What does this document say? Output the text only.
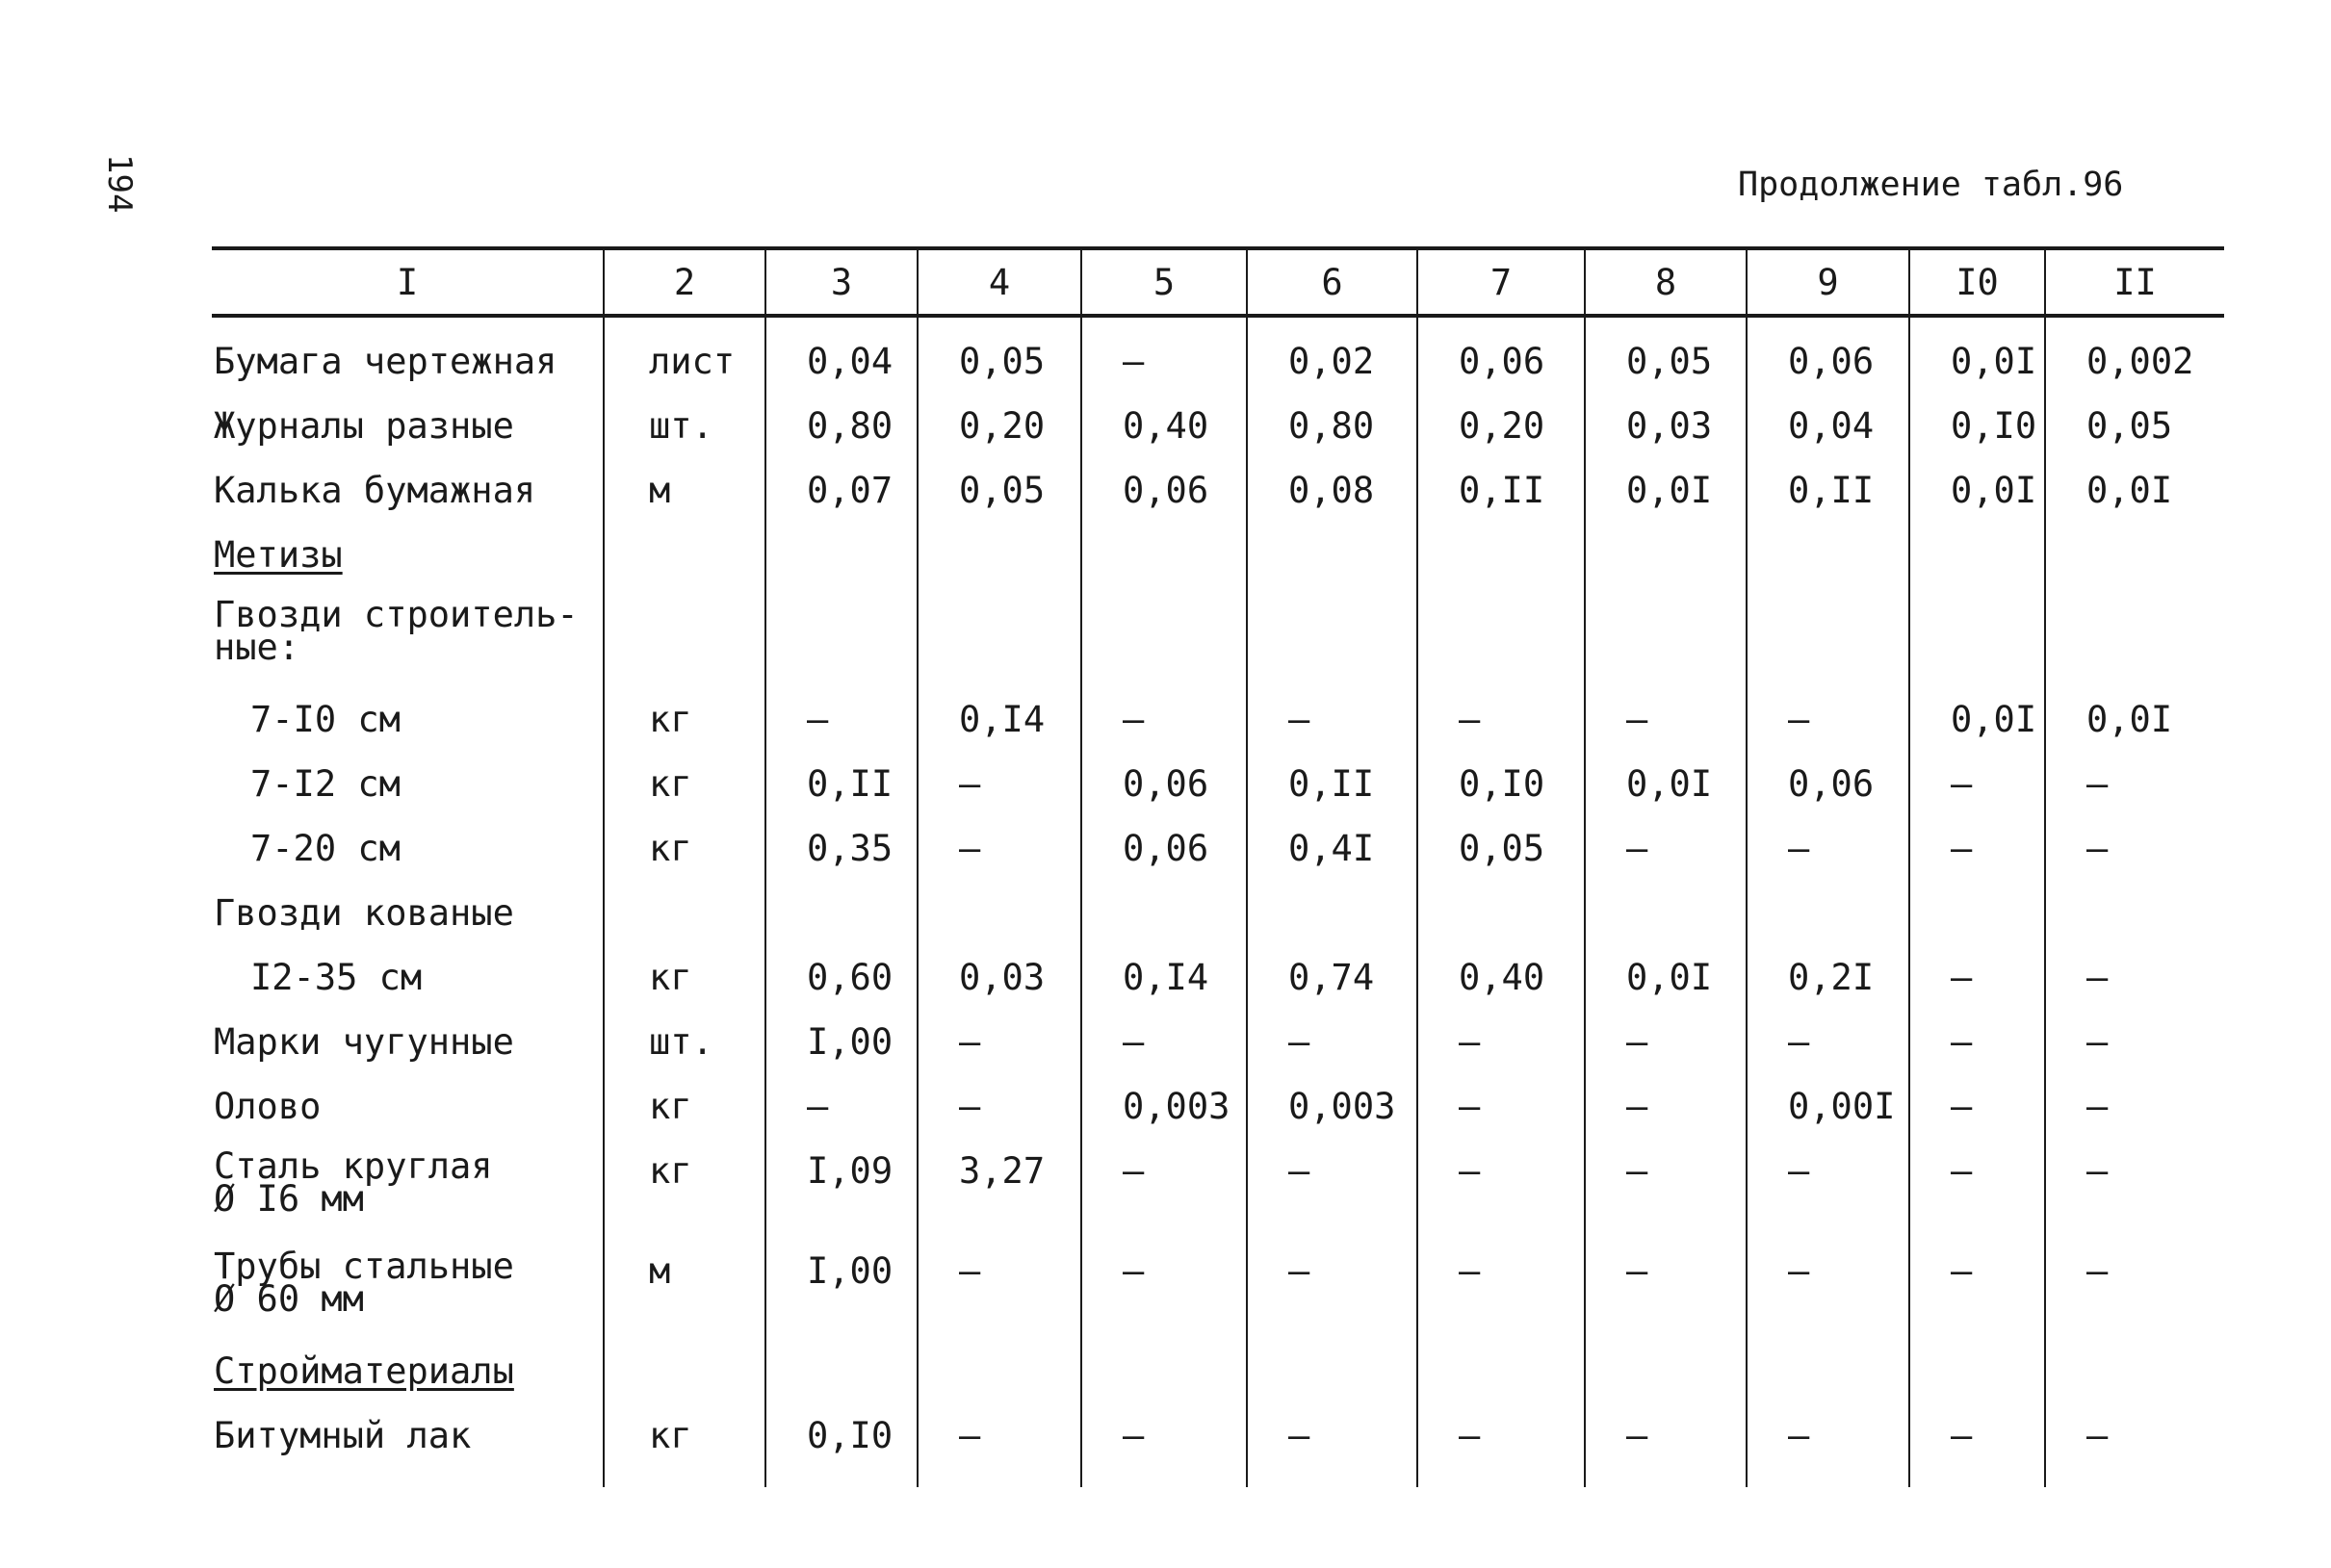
194	Продолжение табл.96
I	2	3	4	5	6	7	8	9	I0	II
Бумага чертежная	лист	0,04	0,05	–	0,02	0,06	0,05	0,06	0,0I	0,002
Журналы разные	шт.	0,80	0,20	0,40	0,80	0,20	0,03	0,04	0,I0	0,05
Калька бумажная	м	0,07	0,05	0,06	0,08	0,II	0,0I	0,II	0,0I	0,0I
Метизы										
Гвозди строитель-
ные:										
7-I0 см	кг	–	0,I4	–	–	–	–	–	0,0I	0,0I
7-I2 см	кг	0,II	–	0,06	0,II	0,I0	0,0I	0,06	–	–
7-20 см	кг	0,35	–	0,06	0,4I	0,05	–	–	–	–
Гвозди кованые										
I2-35 см	кг	0,60	0,03	0,I4	0,74	0,40	0,0I	0,2I	–	–
Марки чугунные	шт.	I,00	–	–	–	–	–	–	–	–
Олово	кг	–	–	0,003	0,003	–	–	0,00I	–	–
Сталь круглая
Ø I6 мм	кг	I,09	3,27	–	–	–	–	–	–	–
Трубы стальные
Ø 60 мм	м	I,00	–	–	–	–	–	–	–	–
Стройматериалы										
Битумный лак	кг	0,I0	–	–	–	–	–	–	–	–
